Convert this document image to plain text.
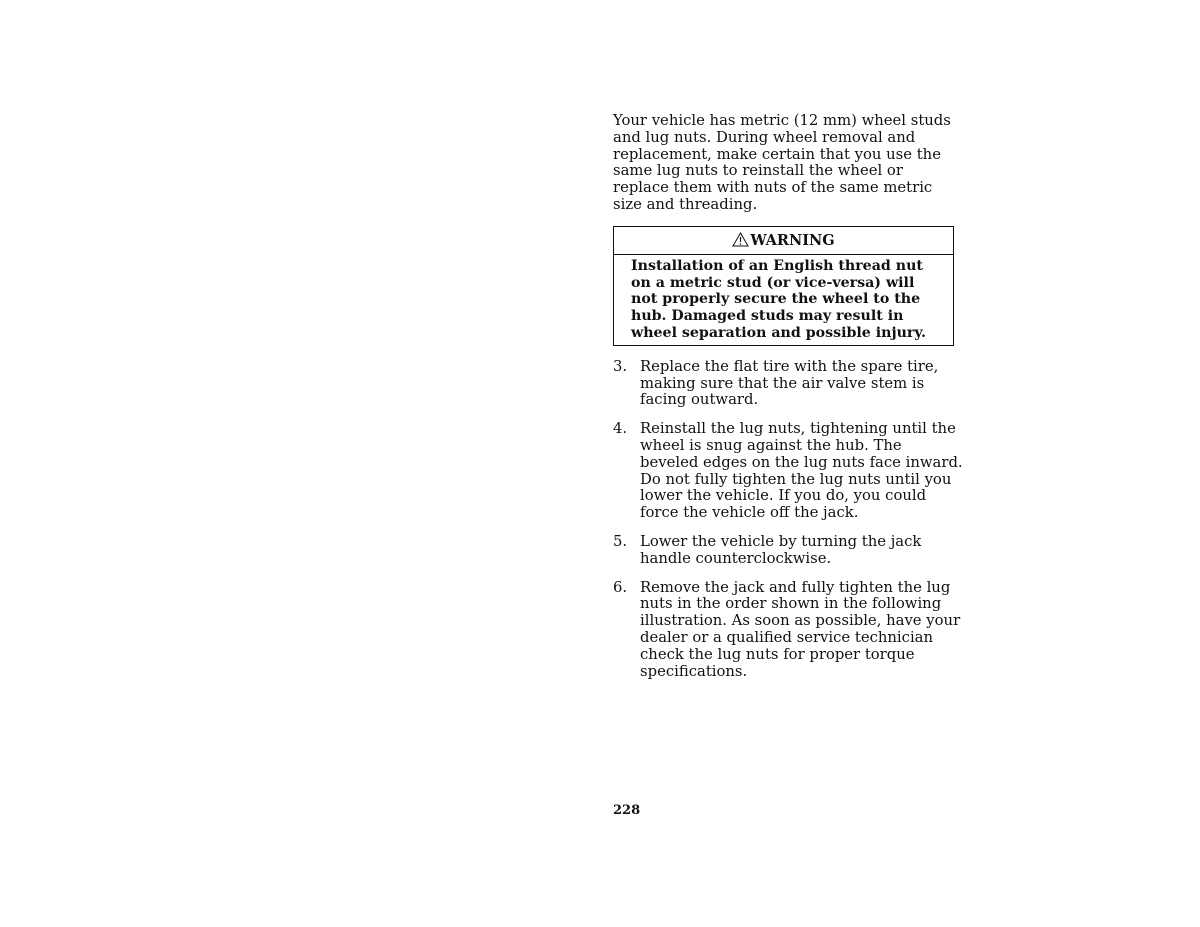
Your vehicle has metric (12 mm) wheel studs and lug nuts. During wheel removal and replacement, make certain that you use the same lug nuts to reinstall the wheel or replace them with nuts of the same metric size and threading.

WARNING
Installation of an English thread nut on a metric stud (or vice-versa) will not properly secure the wheel to the hub. Damaged studs may result in wheel separation and possible injury.
3. Replace the flat tire with the spare tire, making sure that the air valve stem is facing outward.
4. Reinstall the lug nuts, tightening until the wheel is snug against the hub. The beveled edges on the lug nuts face inward. Do not fully tighten the lug nuts until you lower the vehicle. If you do, you could force the vehicle off the jack.
5. Lower the vehicle by turning the jack handle counterclockwise.
6. Remove the jack and fully tighten the lug nuts in the order shown in the following illustration. As soon as possible, have your dealer or a qualified service technician check the lug nuts for proper torque specifications.
228
